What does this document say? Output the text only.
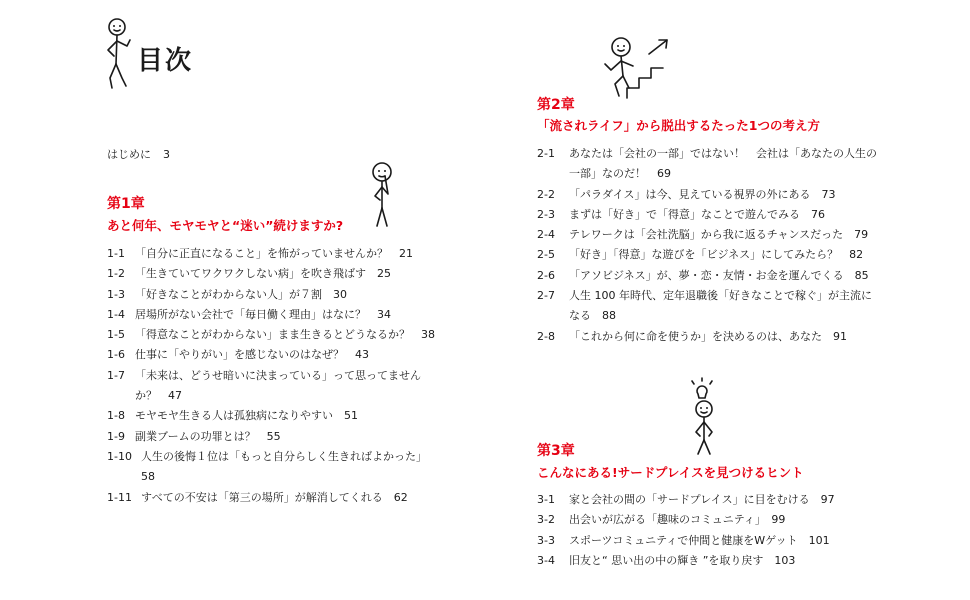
目次
はじめに 3
第1章
あと何年、モヤモヤと“迷い”続けますか?
1-1 「自分に正直になること」を怖がっていませんか？　21
1-2 「生きていてワクワクしない病」を吹き飛ばす　25
1-3 「好きなことがわからない人」が７割　30
1-4 居場所がない会社で「毎日働く理由」はなに？　34
1-5 「得意なことがわからない」まま生きるとどうなるか？　38
1-6 仕事に「やりがい」を感じないのはなぜ？　43
1-7 「未来は、どうせ暗いに決まっている」って思ってませんか？　47
1-8 モヤモヤ生きる人は孤独病になりやすい　51
1-9 副業ブームの功罪とは？　55
1-10 人生の後悔１位は「もっと自分らしく生きればよかった」　58
1-11 すべての不安は「第三の場所」が解消してくれる　62
第2章
「流されライフ」から脱出するたった1つの考え方
2-1	あなたは「会社の一部」ではない！　会社は「あなたの人生の一部」なのだ！　69
2-2	「パラダイス」は今、見えている視界の外にある　73
2-3	まずは「好き」で「得意」なことで遊んでみる　76
2-4	テレワークは「会社洗脳」から我に返るチャンスだった　79
2-5	「好き」「得意」な遊びを「ビジネス」にしてみたら？　82
2-6	「アソビジネス」が、夢・恋・友情・お金を運んでくる　85
2-7	人生 100 年時代、定年退職後「好きなことで稼ぐ」が主流になる　88
2-8	「これから何に命を使うか」を決めるのは、あなた　91
第3章
こんなにある!サードプレイスを見つけるヒント
3-1	家と会社の間の「サードプレイス」に目をむける　97
3-2	出会いが広がる「趣味のコミュニティ」　99
3-3	スポーツコミュニティで仲間と健康をWゲット　101
3-4	旧友と“ 思い出の中の輝き ”を取り戻す　103
